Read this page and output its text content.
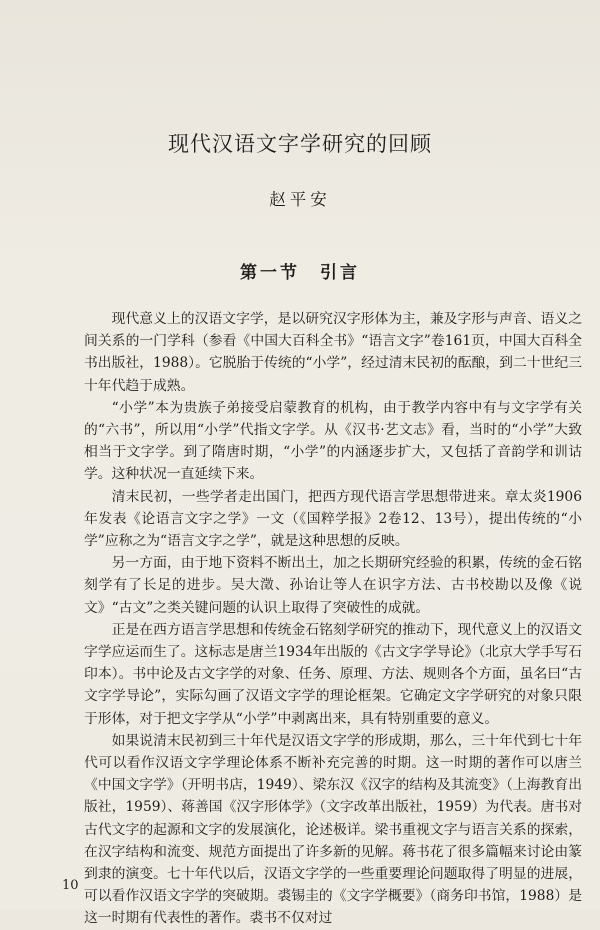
现代汉语文字学研究的回顾
赵平安
第一节　引言

现代意义上的汉语文字学，是以研究汉字形体为主，兼及字形与声音、语义之间关系的一门学科（参看《中国大百科全书》“语言文字”卷161页，中国大百科全书出版社，1988）。它脱胎于传统的“小学”，经过清末民初的酝酿，到二十世纪三十年代趋于成熟。

“小学”本为贵族子弟接受启蒙教育的机构，由于教学内容中有与文字学有关的“六书”，所以用“小学”代指文字学。从《汉书·艺文志》看，当时的“小学”大致相当于文字学。到了隋唐时期，“小学”的内涵逐步扩大，又包括了音韵学和训诂学。这种状况一直延续下来。

清末民初，一些学者走出国门，把西方现代语言学思想带进来。章太炎1906年发表《论语言文字之学》一文（《国粹学报》2卷12、13号），提出传统的“小学”应称之为“语言文字之学”，就是这种思想的反映。

另一方面，由于地下资料不断出土，加之长期研究经验的积累，传统的金石铭刻学有了长足的进步。吴大澂、孙诒让等人在识字方法、古书校勘以及像《说文》“古文”之类关键问题的认识上取得了突破性的成就。

正是在西方语言学思想和传统金石铭刻学研究的推动下，现代意义上的汉语文字学应运而生了。这标志是唐兰1934年出版的《古文字学导论》（北京大学手写石印本）。书中论及古文字学的对象、任务、原理、方法、规则各个方面，虽名曰“古文字学导论”，实际勾画了汉语文字学的理论框架。它确定文字学研究的对象只限于形体，对于把文字学从“小学”中剥离出来，具有特别重要的意义。

如果说清末民初到三十年代是汉语文字学的形成期，那么，三十年代到七十年代可以看作汉语文字学理论体系不断补充完善的时期。这一时期的著作可以唐兰《中国文字学》（开明书店，1949）、梁东汉《汉字的结构及其流变》（上海教育出版社，1959）、蒋善国《汉字形体学》（文字改革出版社，1959）为代表。唐书对古代文字的起源和文字的发展演化，论述极详。梁书重视文字与语言关系的探索，在汉字结构和流变、规范方面提出了许多新的见解。蒋书花了很多篇幅来讨论由篆到隶的演变。七十年代以后，汉语文字学的一些重要理论问题取得了明显的进展，可以看作汉语文字学的突破期。裘锡圭的《文字学概要》（商务印书馆，1988）是这一时期有代表性的著作。裘书不仅对过

10
